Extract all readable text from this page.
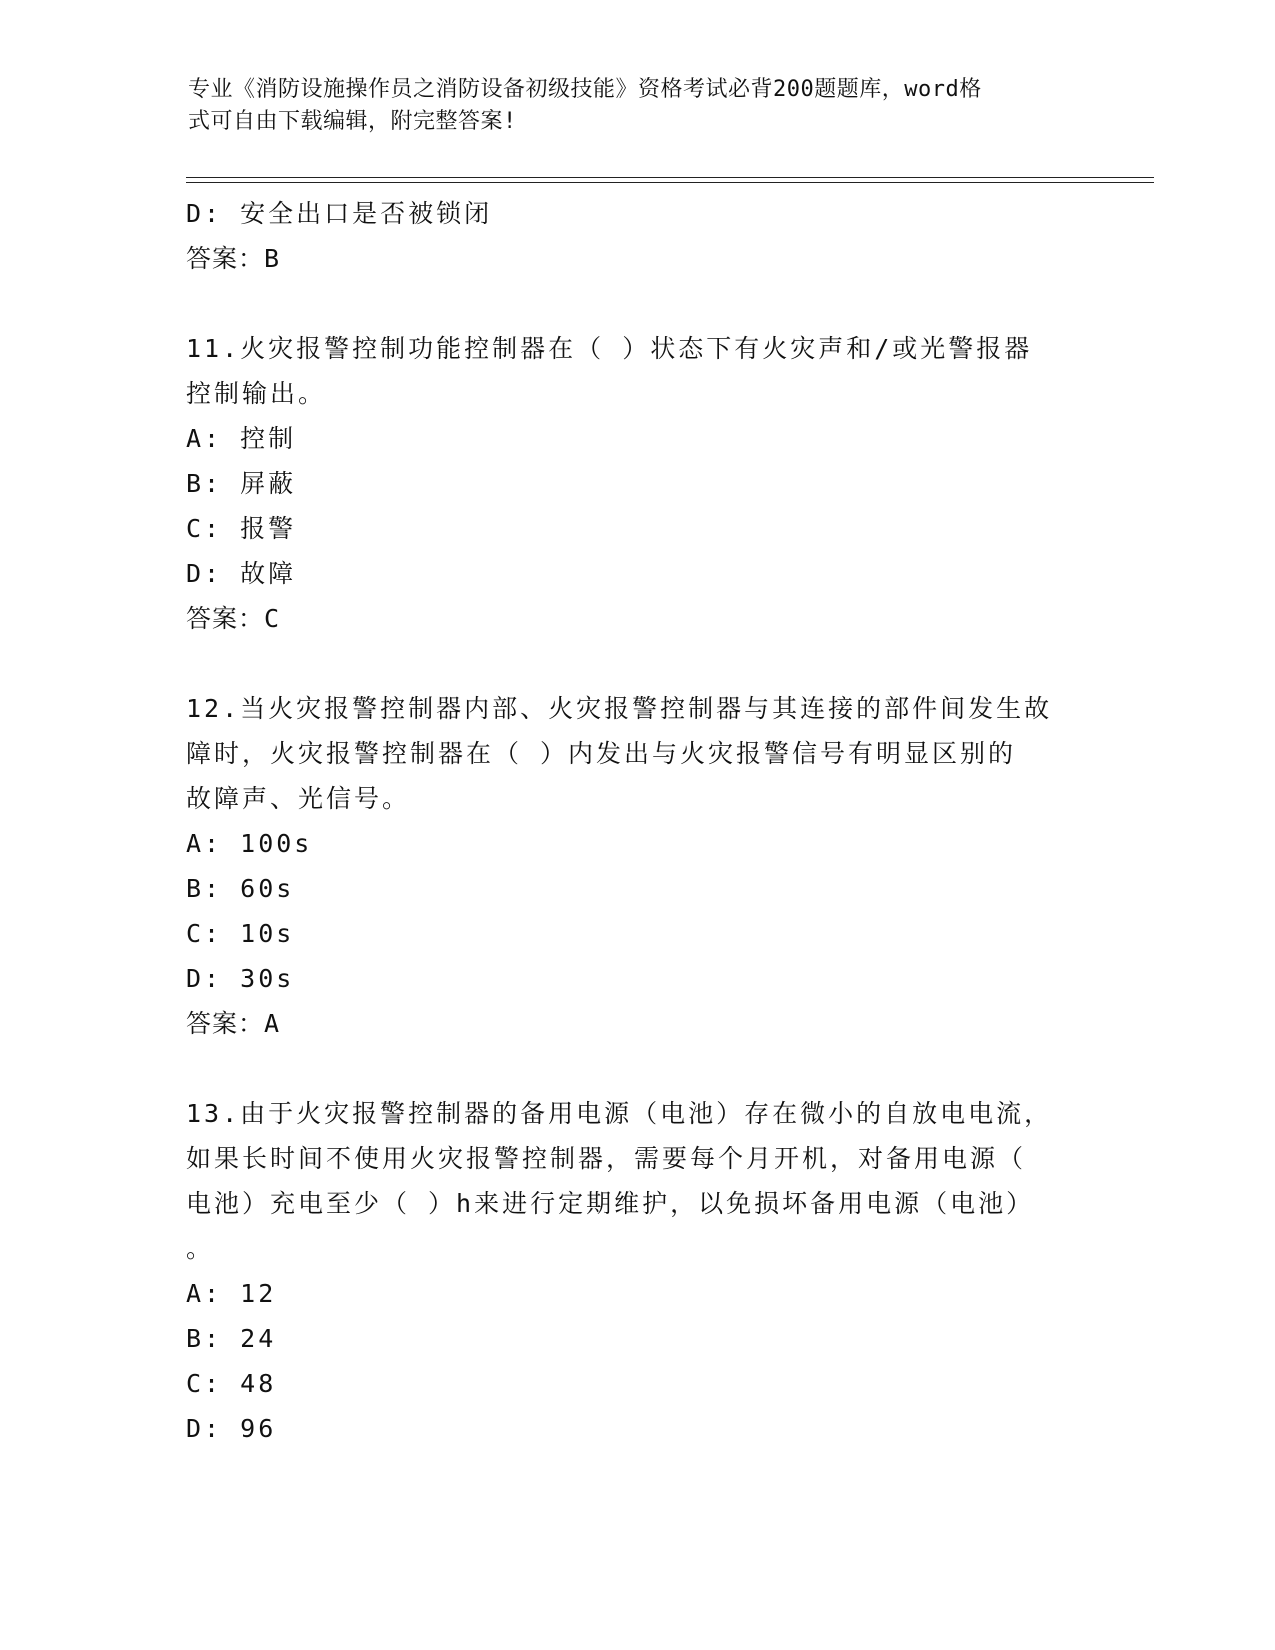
专业《消防设施操作员之消防设备初级技能》资格考试必背200题题库，word格
式可自由下载编辑，附完整答案!

D: 安全出口是否被锁闭

答案：B

11.火灾报警控制功能控制器在（ ）状态下有火灾声和/或光警报器

控制输出。

A: 控制

B: 屏蔽

C: 报警

D: 故障

答案：C

12.当火灾报警控制器内部、火灾报警控制器与其连接的部件间发生故

障时，火灾报警控制器在（ ）内发出与火灾报警信号有明显区别的

故障声、光信号。

A: 100s

B: 60s

C: 10s

D: 30s

答案：A

13.由于火灾报警控制器的备用电源（电池）存在微小的自放电电流，

如果长时间不使用火灾报警控制器，需要每个月开机，对备用电源（

电池）充电至少（ ）h来进行定期维护，以免损坏备用电源（电池）

。

A: 12

B: 24

C: 48

D: 96
